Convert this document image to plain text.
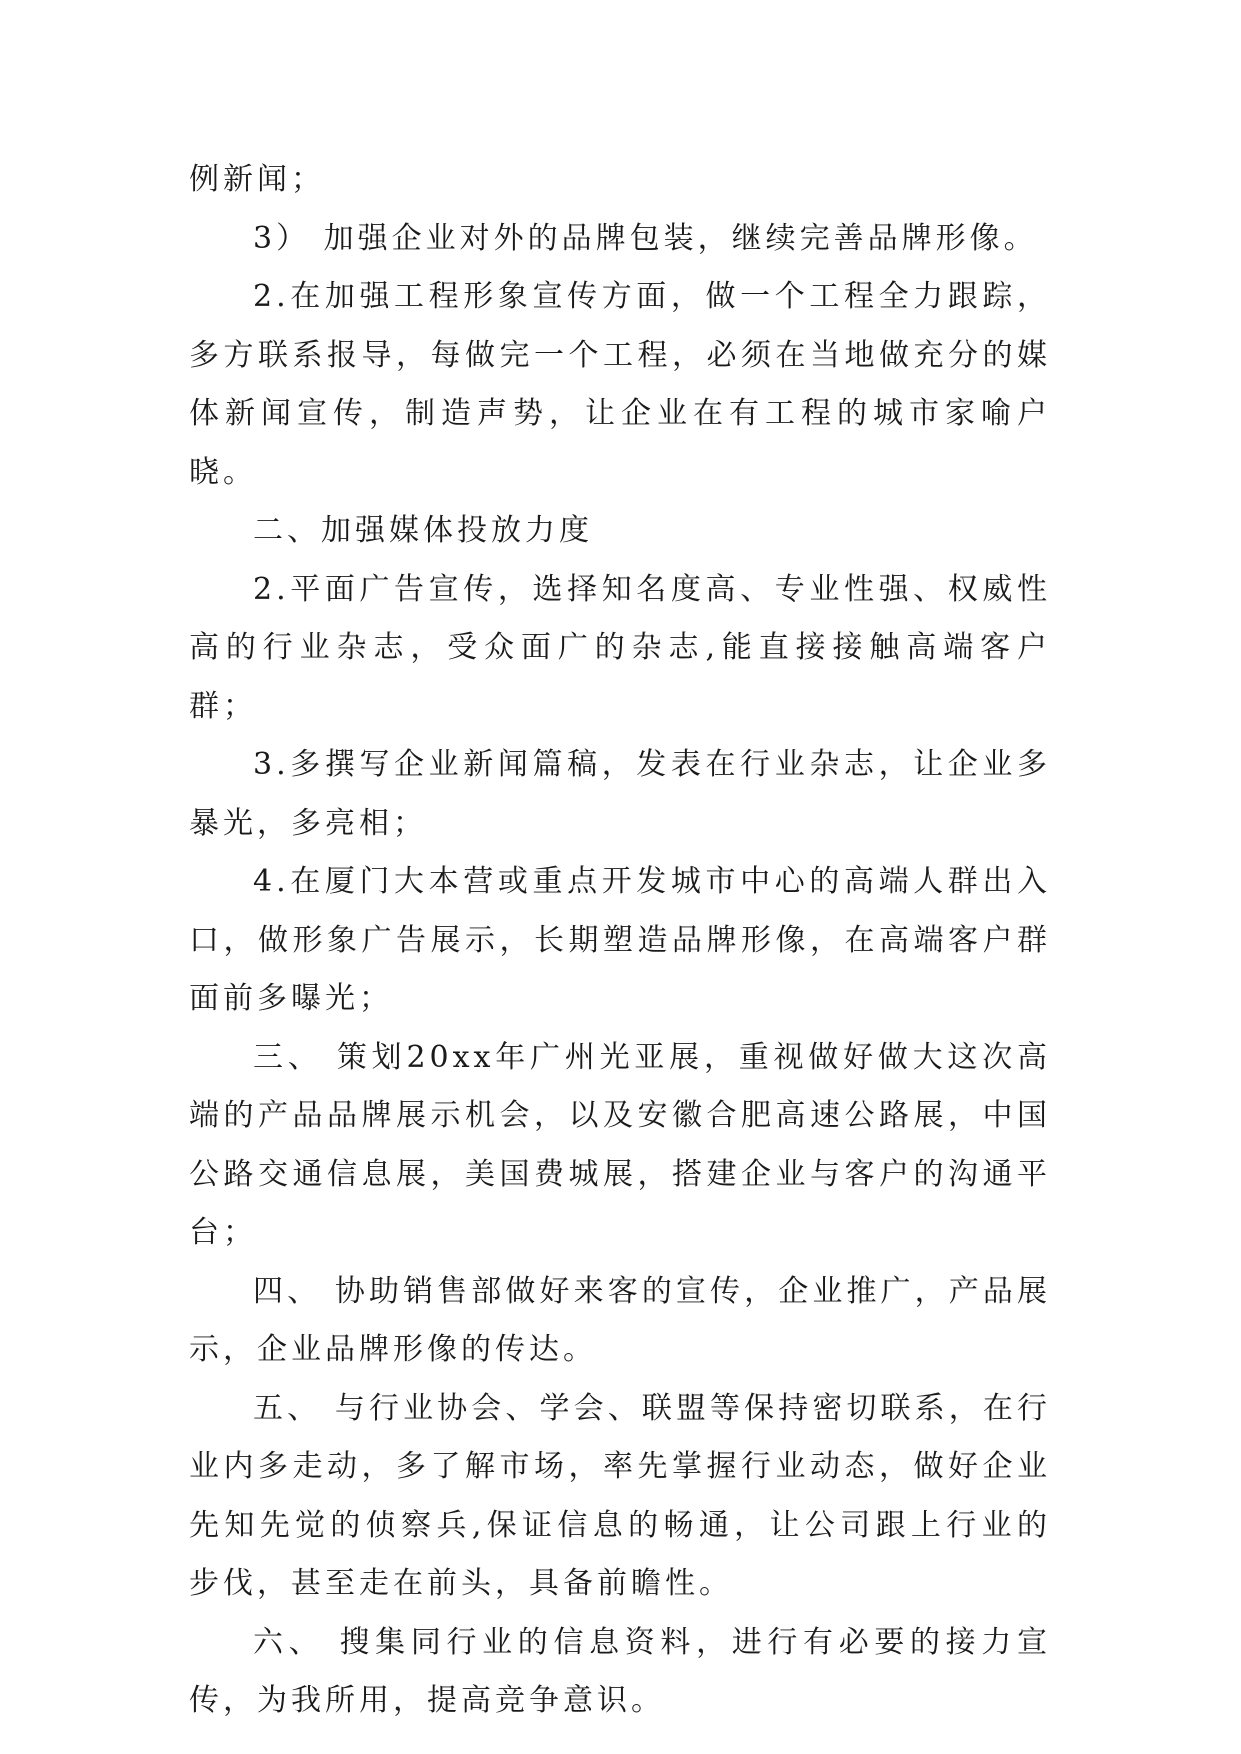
例新闻；

3） 加强企业对外的品牌包装，继续完善品牌形像。

2.在加强工程形象宣传方面，做一个工程全力跟踪，多方联系报导，每做完一个工程，必须在当地做充分的媒体新闻宣传，制造声势，让企业在有工程的城市家喻户晓。

二、加强媒体投放力度

2.平面广告宣传，选择知名度高、专业性强、权威性高的行业杂志，受众面广的杂志,能直接接触高端客户群；

3.多撰写企业新闻篇稿，发表在行业杂志，让企业多暴光，多亮相；

4.在厦门大本营或重点开发城市中心的高端人群出入口，做形象广告展示，长期塑造品牌形像，在高端客户群面前多曝光；

三、 策划20xx年广州光亚展，重视做好做大这次高端的产品品牌展示机会，以及安徽合肥高速公路展，中国公路交通信息展，美国费城展，搭建企业与客户的沟通平台；

四、 协助销售部做好来客的宣传，企业推广，产品展示，企业品牌形像的传达。

五、 与行业协会、学会、联盟等保持密切联系，在行业内多走动，多了解市场，率先掌握行业动态，做好企业先知先觉的侦察兵,保证信息的畅通，让公司跟上行业的步伐，甚至走在前头，具备前瞻性。

六、 搜集同行业的信息资料，进行有必要的接力宣传，为我所用，提高竞争意识。
